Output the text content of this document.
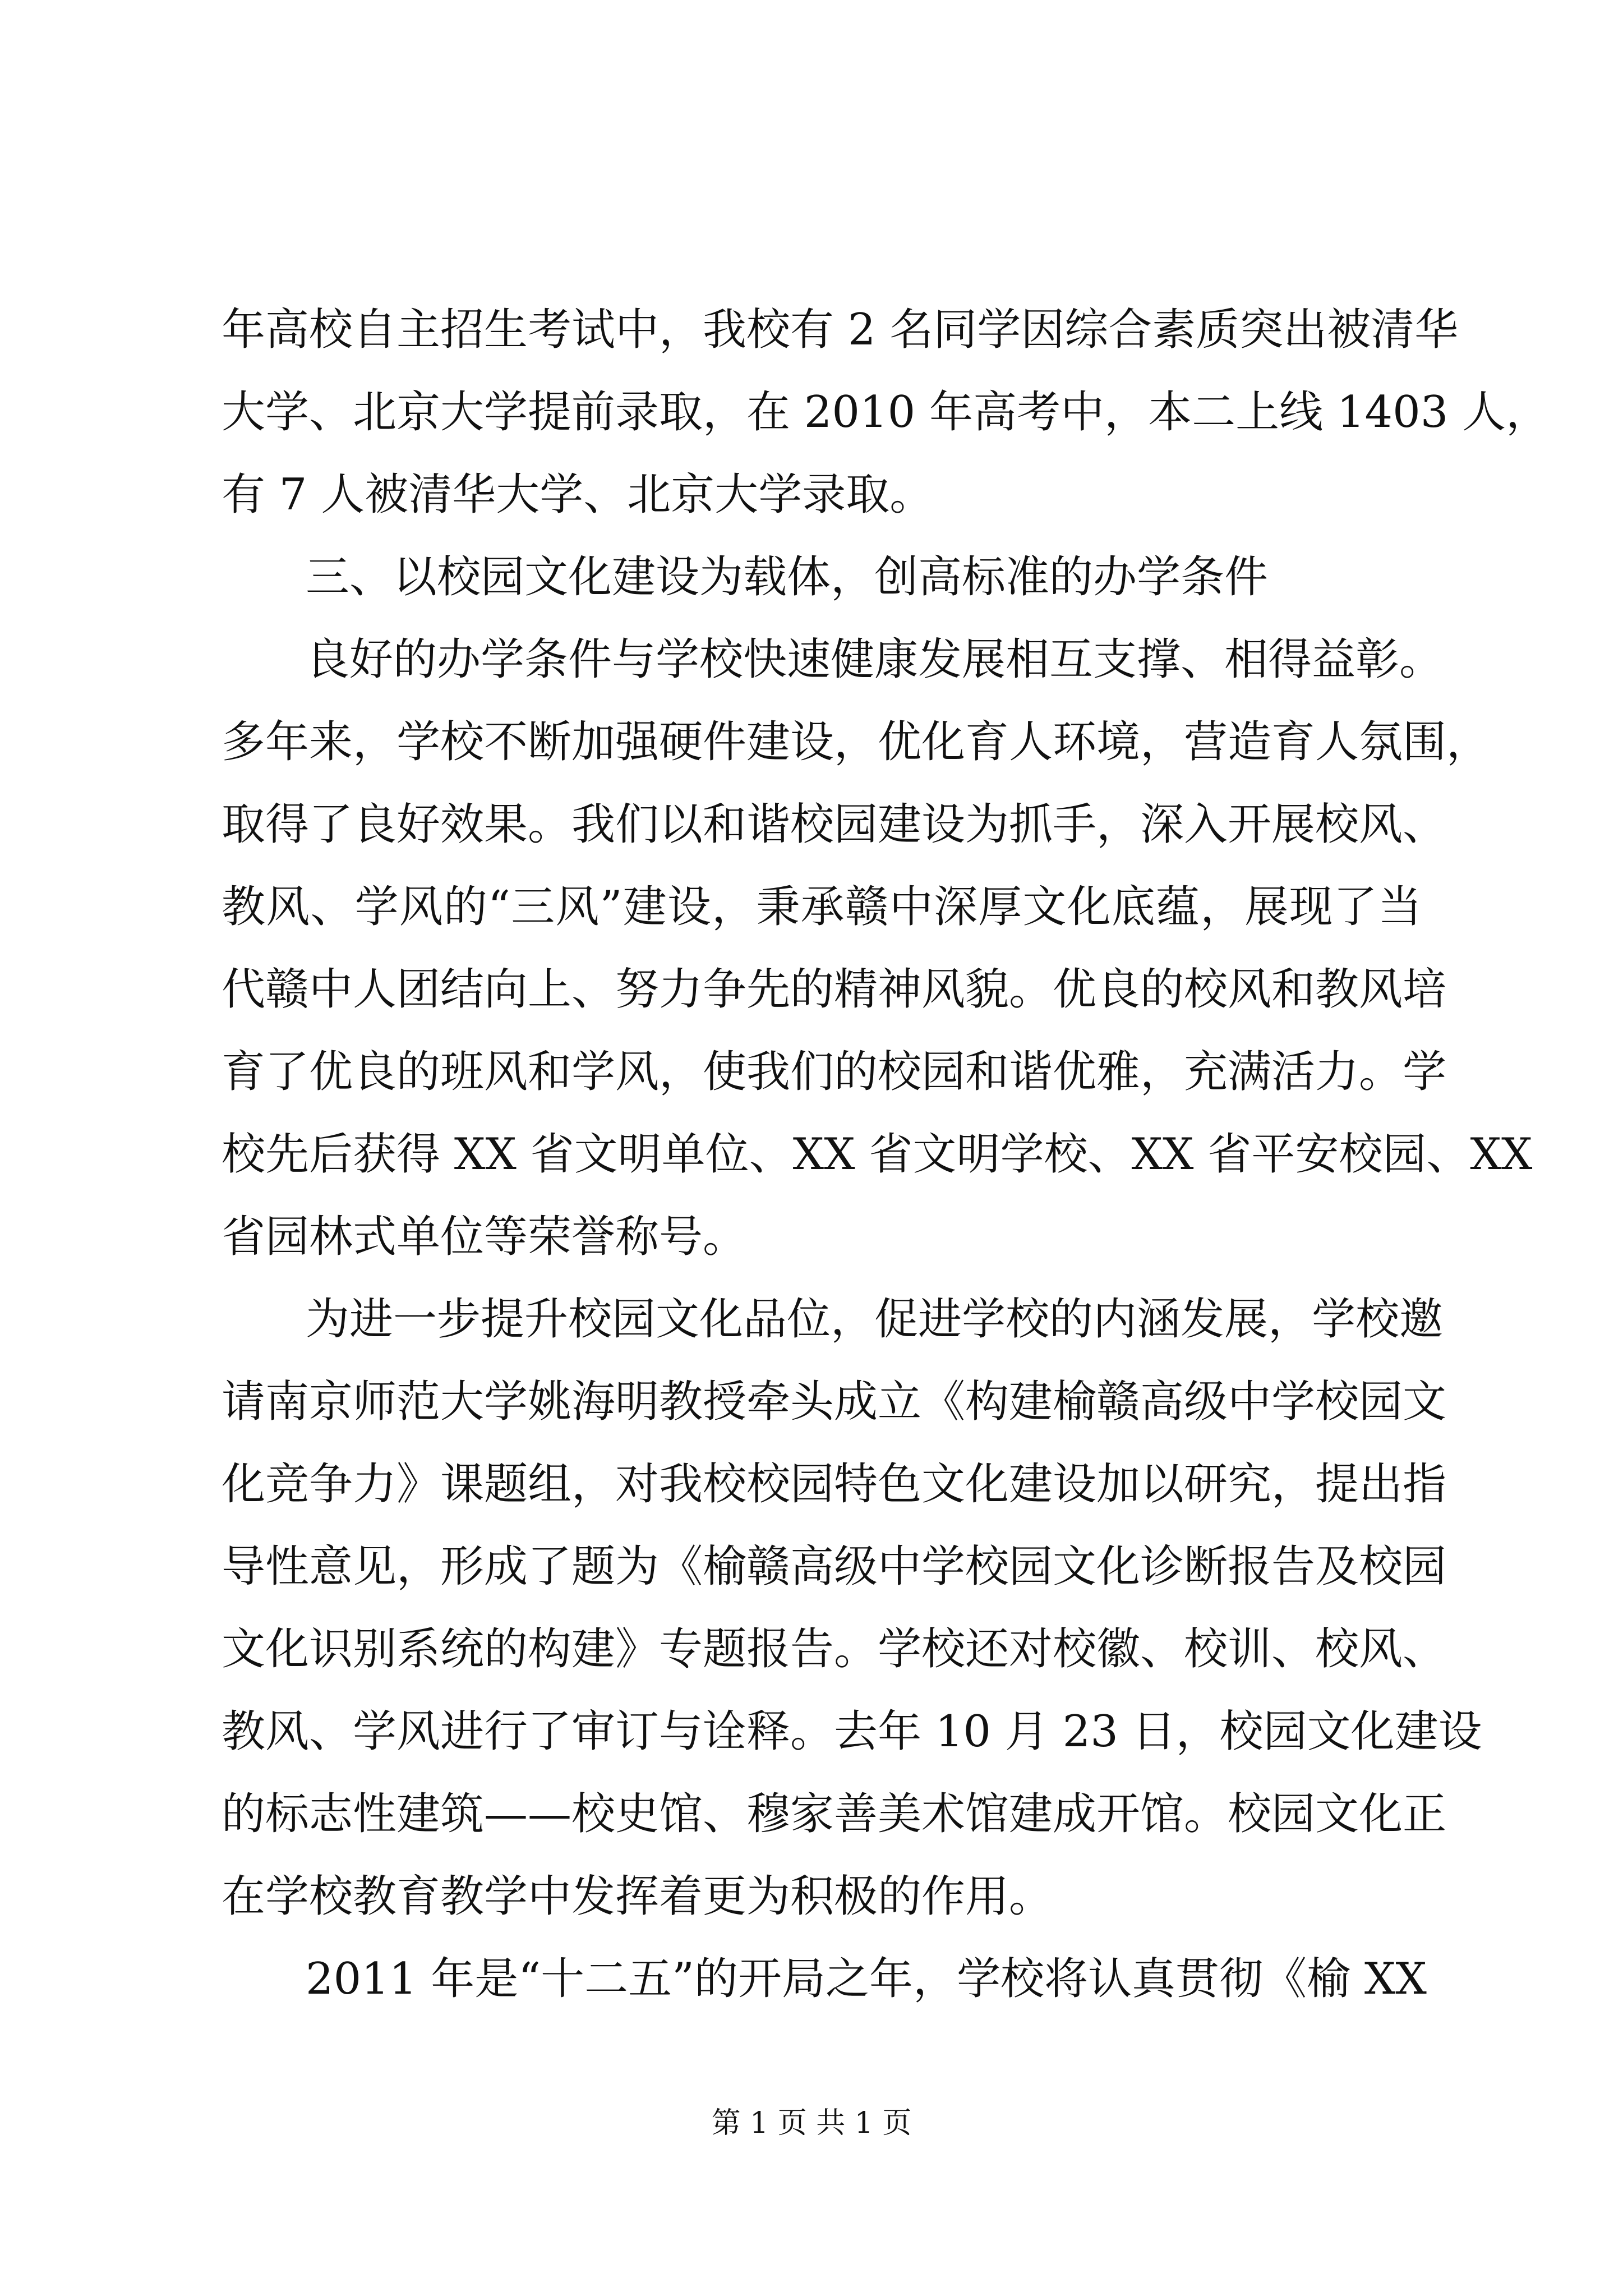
年高校自主招生考试中，我校有 2 名同学因综合素质突出被清华
大学、北京大学提前录取，在 2010 年高考中，本二上线 1403 人，
有 7 人被清华大学、北京大学录取。
三、以校园文化建设为载体，创高标准的办学条件
良好的办学条件与学校快速健康发展相互支撑、相得益彰。
多年来，学校不断加强硬件建设，优化育人环境，营造育人氛围，
取得了良好效果。我们以和谐校园建设为抓手，深入开展校风、
教风、学风的“三风”建设，秉承赣中深厚文化底蕴，展现了当
代赣中人团结向上、努力争先的精神风貌。优良的校风和教风培
育了优良的班风和学风，使我们的校园和谐优雅，充满活力。学
校先后获得 XX 省文明单位、XX 省文明学校、XX 省平安校园、XX
省园林式单位等荣誉称号。
为进一步提升校园文化品位，促进学校的内涵发展，学校邀
请南京师范大学姚海明教授牵头成立《构建榆赣高级中学校园文
化竞争力》课题组，对我校校园特色文化建设加以研究，提出指
导性意见，形成了题为《榆赣高级中学校园文化诊断报告及校园
文化识别系统的构建》专题报告。学校还对校徽、校训、校风、
教风、学风进行了审订与诠释。去年 10 月 23 日，校园文化建设
的标志性建筑——校史馆、穆家善美术馆建成开馆。校园文化正
在学校教育教学中发挥着更为积极的作用。
2011 年是“十二五”的开局之年，学校将认真贯彻《榆 XX
第 1 页 共 1 页
